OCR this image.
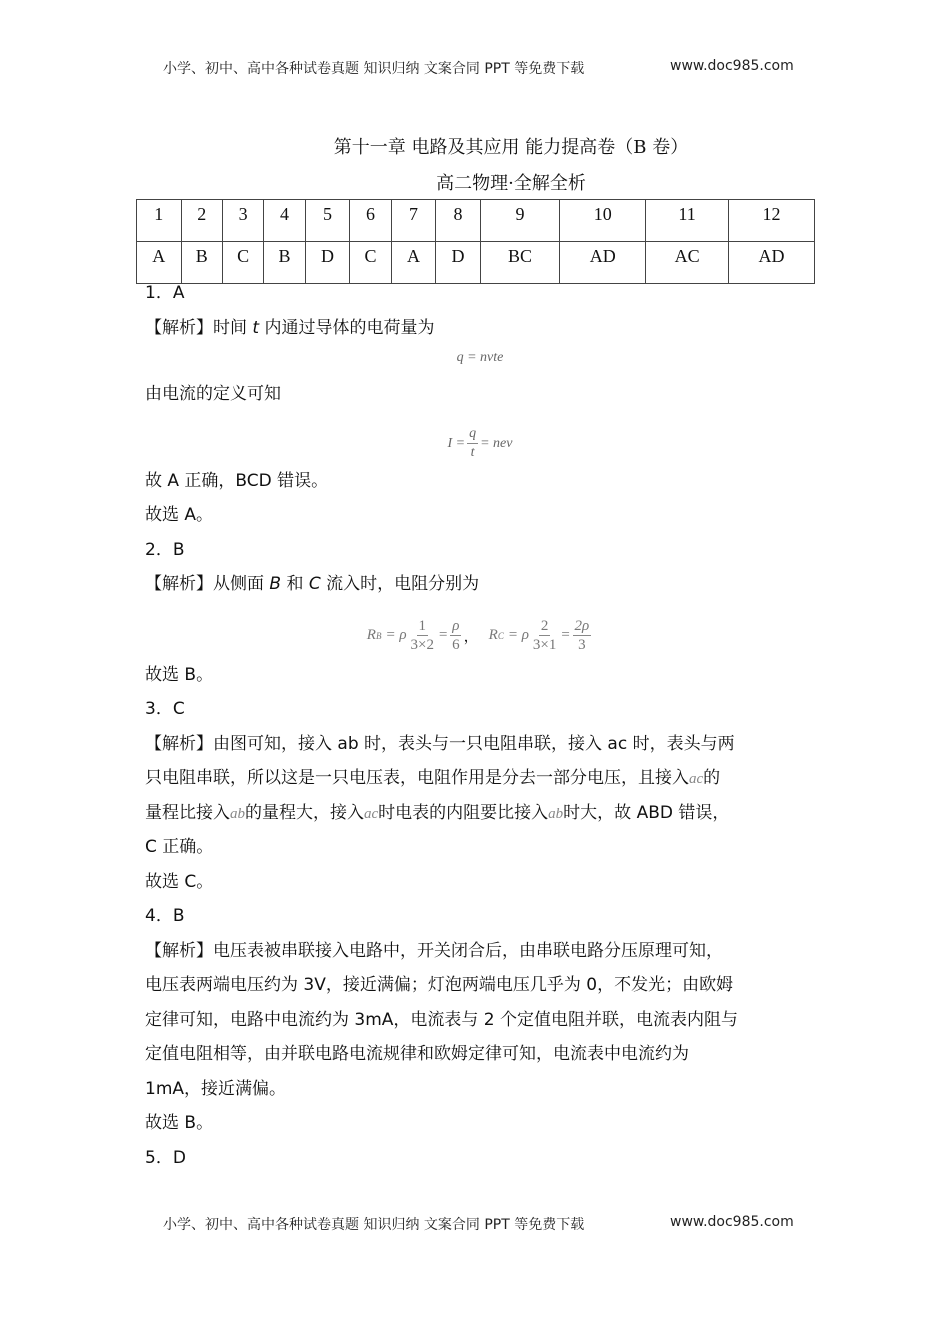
小学、初中、高中各种试卷真题 知识归纳 文案合同 PPT 等免费下载	www.doc985.com
第十一章 电路及其应用 能力提高卷（B 卷）
高二物理·全解全析
1	2	3	4	5	6	7	8	9	10	11	12
A	B	C	B	D	C	A	D	BC	AD	AC	AD
1．A
【解析】时间 t 内通过导体的电荷量为
q = nvte
由电流的定义可知
$I = \frac{q}{t}$ = nev
故 A 正确，BCD 错误。
故选 A。
2．B
【解析】从侧面 B 和 C 流入时，电阻分别为
R B = ρ $\frac{1}{3\times 2} = \frac{\rho}{6}$ ， R C = ρ $\frac{2}{3\times 1} = \frac{2\rho}{3}$
故选 B。
3．C
【解析】由图可知，接入 ab 时，表头与一只电阻串联，接入 ac 时，表头与两
只电阻串联，所以这是一只电压表，电阻作用是分去一部分电压，且接入ac的
量程比接入ab的量程大，接入ac时电表的内阻要比接入ab时大，故 ABD 错误，
C 正确。
故选 C。
4．B
【解析】电压表被串联接入电路中，开关闭合后，由串联电路分压原理可知，
电压表两端电压约为 3V，接近满偏；灯泡两端电压几乎为 0，不发光；由欧姆
定律可知，电路中电流约为 3mA，电流表与 2 个定值电阻并联，电流表内阻与
定值电阻相等，由并联电路电流规律和欧姆定律可知，电流表中电流约为
1mA，接近满偏。
故选 B。
5．D
小学、初中、高中各种试卷真题 知识归纳 文案合同 PPT 等免费下载	www.doc985.com
